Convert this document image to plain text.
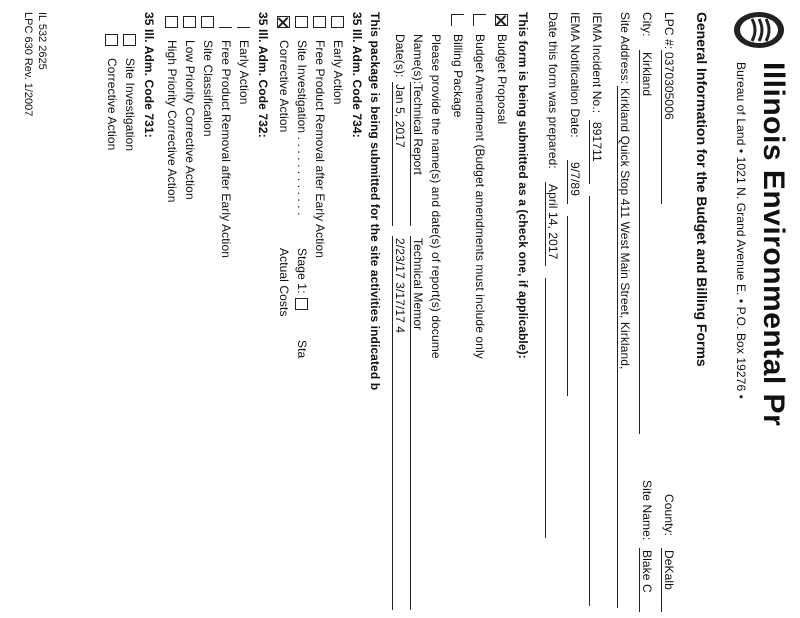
Illinois Environmental Pr
Bureau of Land • 1021 N. Grand Avenue E. • P.O. Box 19276 •
General Information for the Budget and Billing Forms
LPC #:
0370305006
County:
DeKalb
City:
Kirkland
Site Name:
Blake C
Site Address:
Kirkland Quick Stop 411 West Main Street, Kirkland,
IEMA Incident No.:
891711
IEMA Notification Date:
9/7/89
Date this form was prepared:
April 14, 2017
This form is being submitted as a (check one, if applicable):
Budget Proposal
Budget Amendment (Budget amendments must include only
Billing Package
Please provide the name(s) and date(s) of report(s) docume
Name(s):
Technical Report
Technical Memor
Date(s):
Jan 5, 2017
2/23/17 3/17/17 4
This package is being submitted for the site activities indicated b
35 Ill. Adm. Code 734:
Early Action
Free Product Removal after Early Action
Site Investigation . . . . . . . . . . . .
Stage 1:
Sta
Corrective Action
Actual Costs
35 Ill. Adm. Code 732:
Early Action
Free Product Removal after Early Action
Site Classification
Low Priority Corrective Action
High Priority Corrective Action
35 Ill. Adm. Code 731:
Site Investigation
Corrective Action
IL 532 2625
LPC 630 Rev. 1/2007
